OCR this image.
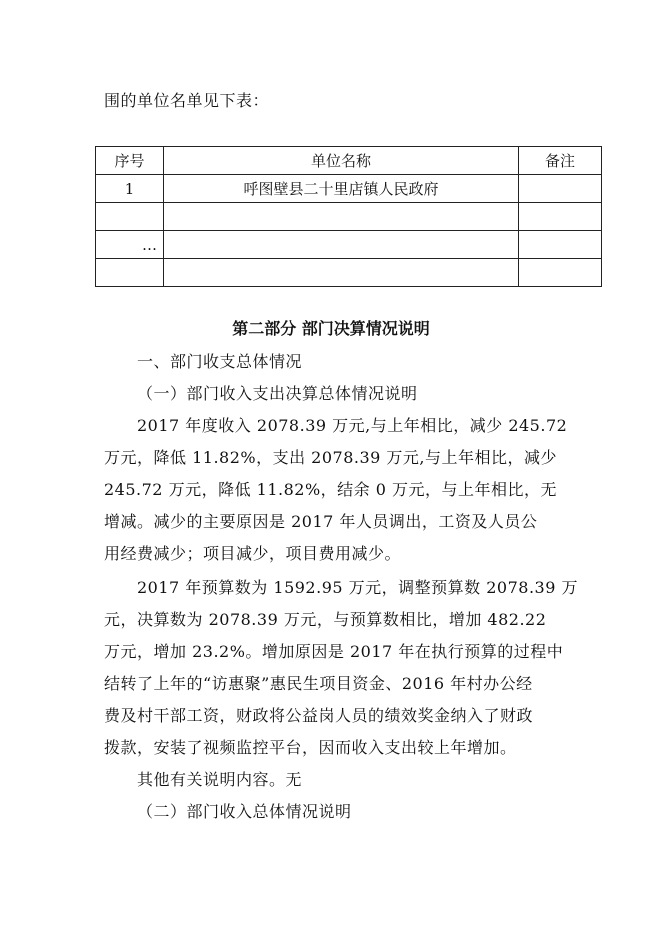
围的单位名单见下表：
序号	单位名称	备注
1	呼图壁县二十里店镇人民政府	

…		

第二部分 部门决算情况说明
一、部门收支总体情况
（一）部门收入支出决算总体情况说明
2017 年度收入 2078.39 万元,与上年相比，减少 245.72
万元，降低 11.82%，支出 2078.39 万元,与上年相比，减少
245.72 万元，降低 11.82%，结余 0 万元，与上年相比，无
增减。减少的主要原因是 2017 年人员调出，工资及人员公
用经费减少；项目减少，项目费用减少。
2017 年预算数为 1592.95 万元，调整预算数 2078.39 万
元，决算数为 2078.39 万元，与预算数相比，增加 482.22
万元，增加 23.2%。增加原因是 2017 年在执行预算的过程中
结转了上年的“访惠聚”惠民生项目资金、2016 年村办公经
费及村干部工资，财政将公益岗人员的绩效奖金纳入了财政
拨款，安装了视频监控平台，因而收入支出较上年增加。
其他有关说明内容。无
（二）部门收入总体情况说明
